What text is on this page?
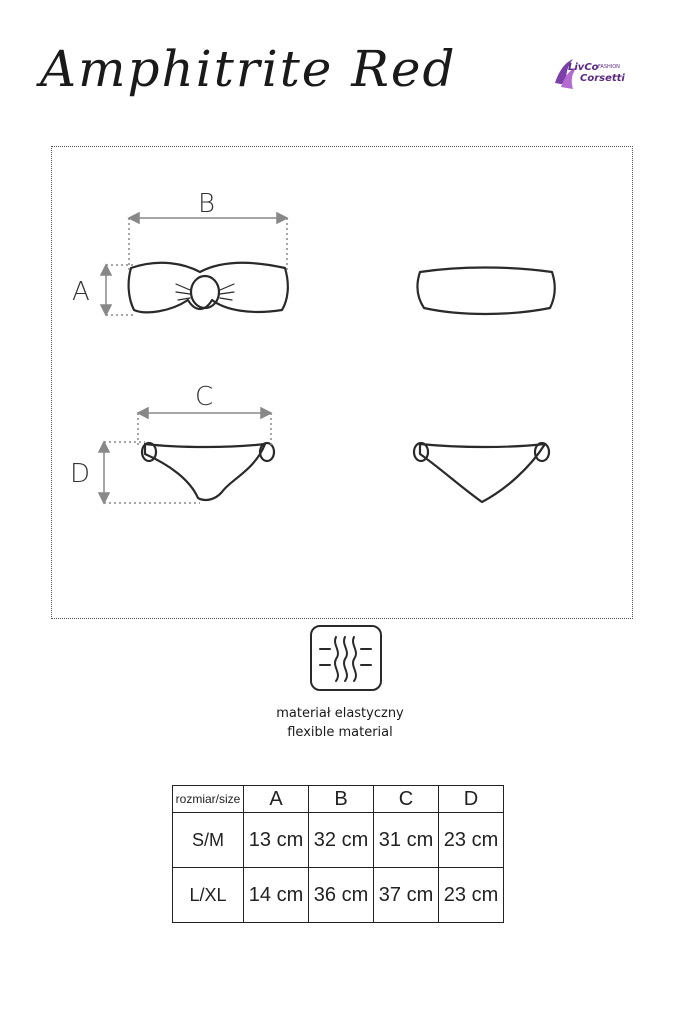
Amphitrite Red	LivCo FASHION
Corsetti
B
A
C
D
materiał elastyczny
flexible material
rozmiar/size	A	B	C	D
S/M	13 cm	32 cm	31 cm	23 cm
L/XL	14 cm	36 cm	37 cm	23 cm
